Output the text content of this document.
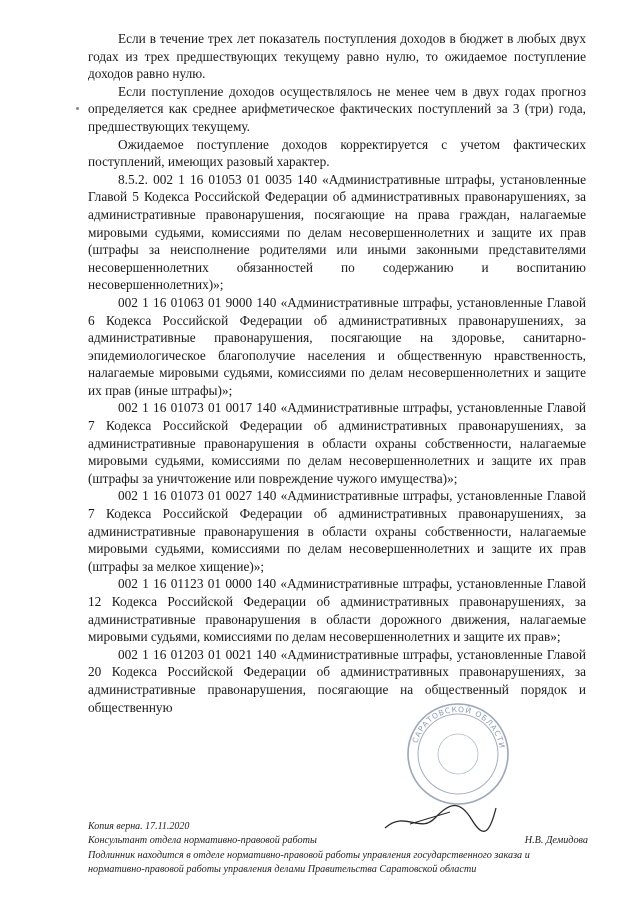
Если в течение трех лет показатель поступления доходов в бюджет в любых двух годах из трех предшествующих текущему равно нулю, то ожидаемое поступление доходов равно нулю.

Если поступление доходов осуществлялось не менее чем в двух годах прогноз определяется как среднее арифметическое фактических поступлений за 3 (три) года, предшествующих текущему.

Ожидаемое поступление доходов корректируется с учетом фактических поступлений, имеющих разовый характер.

8.5.2. 002 1 16 01053 01 0035 140 «Административные штрафы, установленные Главой 5 Кодекса Российской Федерации об административных правонарушениях, за административные правонарушения, посягающие на права граждан, налагаемые мировыми судьями, комиссиями по делам несовершеннолетних и защите их прав (штрафы за неисполнение родителями или иными законными представителями несовершеннолетних обязанностей по содержанию и воспитанию несовершеннолетних)»;

002 1 16 01063 01 9000 140 «Административные штрафы, установленные Главой 6 Кодекса Российской Федерации об административных правонарушениях, за административные правонарушения, посягающие на здоровье, санитарно-эпидемиологическое благополучие населения и общественную нравственность, налагаемые мировыми судьями, комиссиями по делам несовершеннолетних и защите их прав (иные штрафы)»;

002 1 16 01073 01 0017 140 «Административные штрафы, установленные Главой 7 Кодекса Российской Федерации об административных правонарушениях, за административные правонарушения в области охраны собственности, налагаемые мировыми судьями, комиссиями по делам несовершеннолетних и защите их прав (штрафы за уничтожение или повреждение чужого имущества)»;

002 1 16 01073 01 0027 140 «Административные штрафы, установленные Главой 7 Кодекса Российской Федерации об административных правонарушениях, за административные правонарушения в области охраны собственности, налагаемые мировыми судьями, комиссиями по делам несовершеннолетних и защите их прав (штрафы за мелкое хищение)»;

002 1 16 01123 01 0000 140 «Административные штрафы, установленные Главой 12 Кодекса Российской Федерации об административных правонарушениях, за административные правонарушения в области дорожного движения, налагаемые мировыми судьями, комиссиями по делам несовершеннолетних и защите их прав»;

002 1 16 01203 01 0021 140 «Административные штрафы, установленные Главой 20 Кодекса Российской Федерации об административных правонарушениях, за административные правонарушения, посягающие на общественный порядок и общественную

САРАТОВСКОЙ ОБЛАСТИ
Копия верна. 17.11.2020
Консультант отдела нормативно-правовой работы	Н.В. Демидова
Подлинник находится в отделе нормативно-правовой работы управления государственного заказа и нормативно-правовой работы управления делами Правительства Саратовской области
